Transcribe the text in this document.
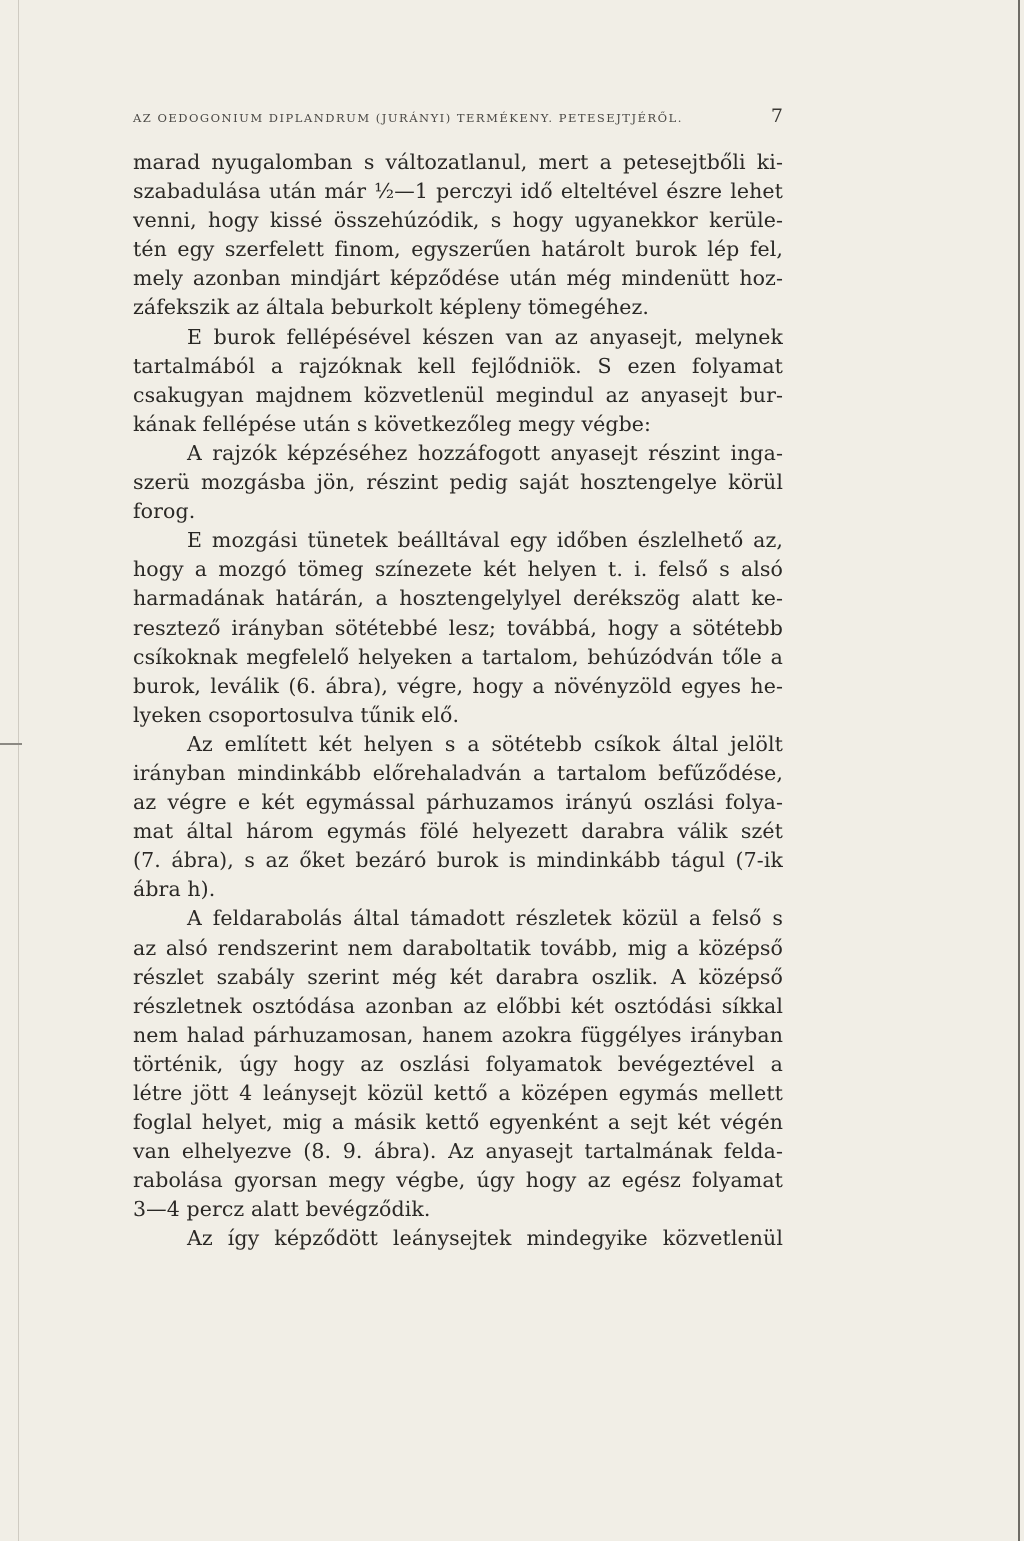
AZ OEDOGONIUM DIPLANDRUM (JURÁNYI) TERMÉKENY. PETESEJTJÉRŐL.	7
marad nyugalomban s változatlanul, mert a petesejtbőli ki-
szabadulása után már ½—1 perczyi idő elteltével észre lehet
venni, hogy kissé összehúzódik, s hogy ugyanekkor kerüle-
tén egy szerfelett finom, egyszerűen határolt burok lép fel,
mely azonban mindjárt képződése után még mindenütt hoz-
záfekszik az általa beburkolt képleny tömegéhez.
E burok fellépésével készen van az anyasejt, melynek
tartalmából a rajzóknak kell fejlődniök. S ezen folyamat
csakugyan majdnem közvetlenül megindul az anyasejt bur-
kának fellépése után s következőleg megy végbe:
A rajzók képzéséhez hozzáfogott anyasejt részint inga-
szerü mozgásba jön, részint pedig saját hosztengelye körül
forog.
E mozgási tünetek beálltával egy időben észlelhető az,
hogy a mozgó tömeg színezete két helyen t. i. felső s alsó
harmadának határán, a hosztengelylyel derékszög alatt ke-
resztező irányban sötétebbé lesz; továbbá, hogy a sötétebb
csíkoknak megfelelő helyeken a tartalom, behúzódván tőle a
burok, leválik (6. ábra), végre, hogy a növényzöld egyes he-
lyeken csoportosulva tűnik elő.
Az említett két helyen s a sötétebb csíkok által jelölt
irányban mindinkább előrehaladván a tartalom befűződése,
az végre e két egymással párhuzamos irányú oszlási folya-
mat által három egymás fölé helyezett darabra válik szét
(7. ábra), s az őket bezáró burok is mindinkább tágul (7-ik
ábra h).
A feldarabolás által támadott részletek közül a felső s
az alsó rendszerint nem daraboltatik tovább, mig a középső
részlet szabály szerint még két darabra oszlik. A középső
részletnek osztódása azonban az előbbi két osztódási síkkal
nem halad párhuzamosan, hanem azokra függélyes irányban
történik, úgy hogy az oszlási folyamatok bevégeztével a
létre jött 4 leánysejt közül kettő a középen egymás mellett
foglal helyet, mig a másik kettő egyenként a sejt két végén
van elhelyezve (8. 9. ábra). Az anyasejt tartalmának felda-
rabolása gyorsan megy végbe, úgy hogy az egész folyamat
3—4 percz alatt bevégződik.
Az így képződött leánysejtek mindegyike közvetlenül
